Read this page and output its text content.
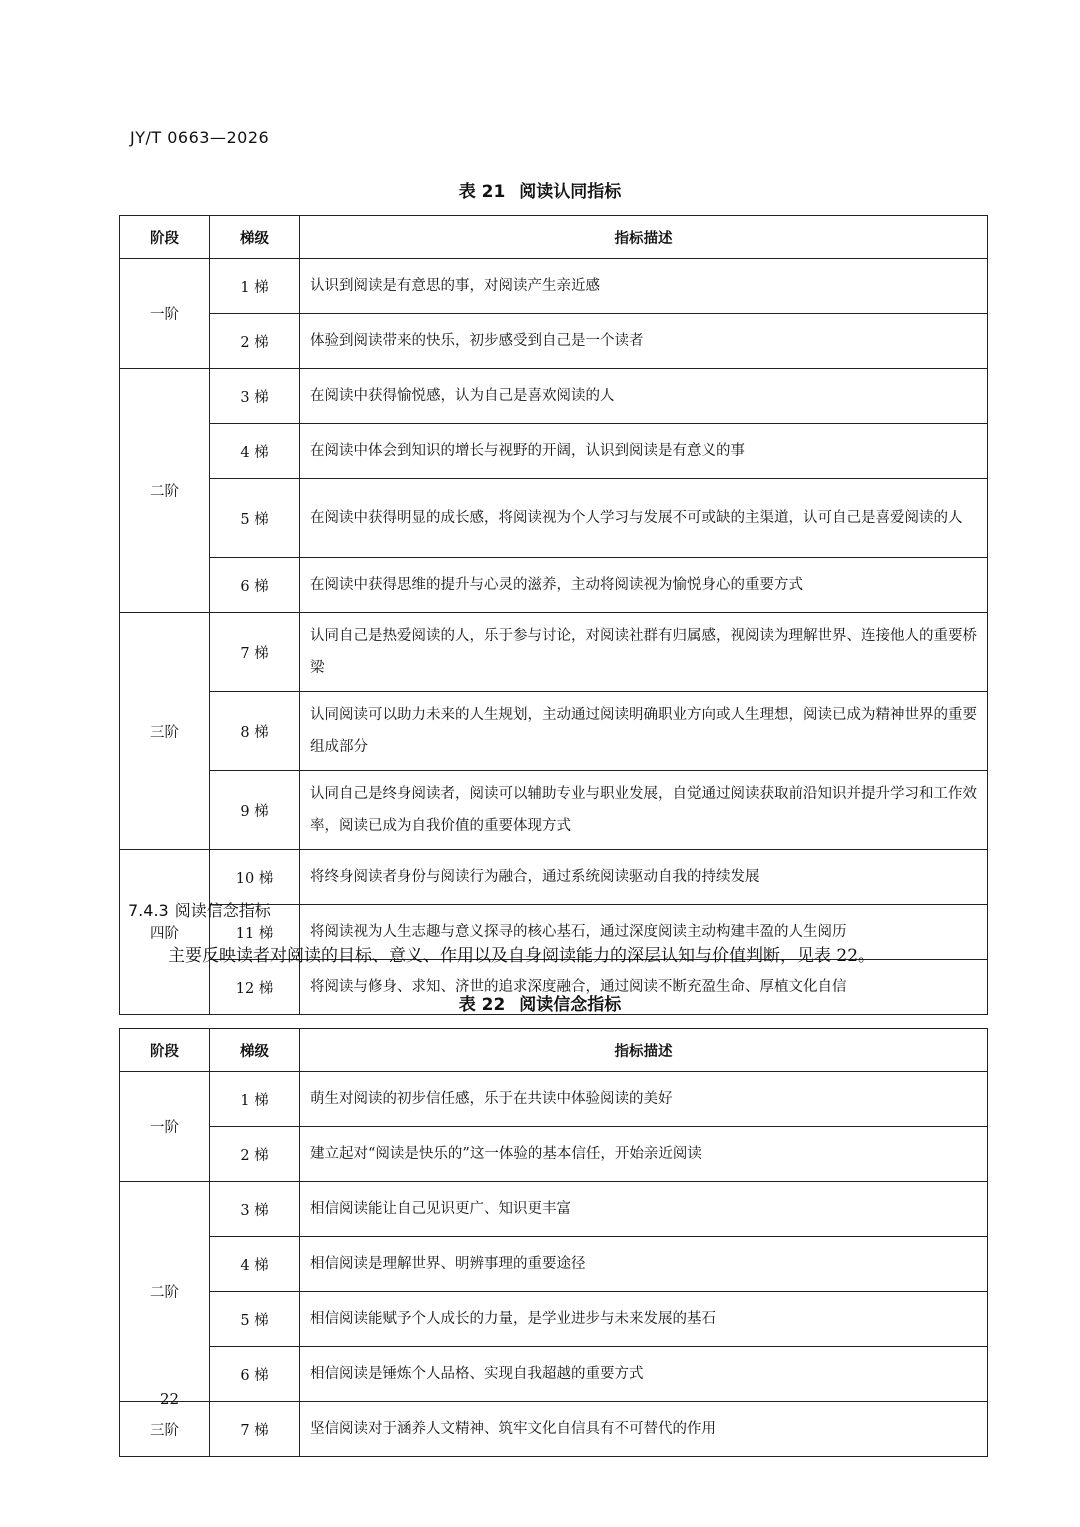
JY/T 0663—2026
表 21 阅读认同指标
阶段	梯级	指标描述
一阶	1 梯	认识到阅读是有意思的事，对阅读产生亲近感
	2 梯	体验到阅读带来的快乐，初步感受到自己是一个读者
二阶	3 梯	在阅读中获得愉悦感，认为自己是喜欢阅读的人
	4 梯	在阅读中体会到知识的增长与视野的开阔，认识到阅读是有意义的事
	5 梯	在阅读中获得明显的成长感，将阅读视为个人学习与发展不可或缺的主渠道，认可自己是喜爱阅读的人
	6 梯	在阅读中获得思维的提升与心灵的滋养，主动将阅读视为愉悦身心的重要方式
三阶	7 梯	认同自己是热爱阅读的人，乐于参与讨论，对阅读社群有归属感，视阅读为理解世界、连接他人的重要桥梁
	8 梯	认同阅读可以助力未来的人生规划，主动通过阅读明确职业方向或人生理想，阅读已成为精神世界的重要组成部分
	9 梯	认同自己是终身阅读者，阅读可以辅助专业与职业发展，自觉通过阅读获取前沿知识并提升学习和工作效率，阅读已成为自我价值的重要体现方式
四阶	10 梯	将终身阅读者身份与阅读行为融合，通过系统阅读驱动自我的持续发展
	11 梯	将阅读视为人生志趣与意义探寻的核心基石，通过深度阅读主动构建丰盈的人生阅历
	12 梯	将阅读与修身、求知、济世的追求深度融合，通过阅读不断充盈生命、厚植文化自信
7.4.3 阅读信念指标
主要反映读者对阅读的目标、意义、作用以及自身阅读能力的深层认知与价值判断，见表 22。
表 22 阅读信念指标
阶段	梯级	指标描述
一阶	1 梯	萌生对阅读的初步信任感，乐于在共读中体验阅读的美好
	2 梯	建立起对“阅读是快乐的”这一体验的基本信任，开始亲近阅读
二阶	3 梯	相信阅读能让自己见识更广、知识更丰富
	4 梯	相信阅读是理解世界、明辨事理的重要途径
	5 梯	相信阅读能赋予个人成长的力量，是学业进步与未来发展的基石
	6 梯	相信阅读是锤炼个人品格、实现自我超越的重要方式
三阶	7 梯	坚信阅读对于涵养人文精神、筑牢文化自信具有不可替代的作用
22
